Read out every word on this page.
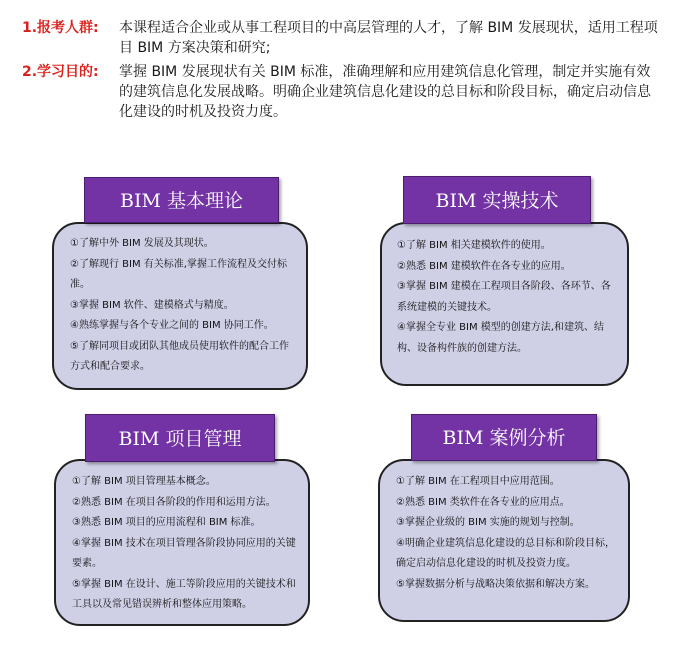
1.报考人群: 本课程适合企业或从事工程项目的中高层管理的人才，了解 BIM 发展现状，适用工程项目 BIM 方案决策和研究;
2.学习目的: 掌握 BIM 发展现状有关 BIM 标准，准确理解和应用建筑信息化管理，制定并实施有效的建筑信息化发展战略。明确企业建筑信息化建设的总目标和阶段目标，确定启动信息化建设的时机及投资力度。
BIM 基本理论
①了解中外 BIM 发展及其现状。
②了解现行 BIM 有关标准,掌握工作流程及交付标准。
③掌握 BIM 软件、建模格式与精度。
④熟练掌握与各个专业之间的 BIM 协同工作。
⑤了解同项目或团队其他成员使用软件的配合工作方式和配合要求。
BIM 实操技术
①了解 BIM 相关建模软件的使用。
②熟悉 BIM 建模软件在各专业的应用。
③掌握 BIM 建模在工程项目各阶段、各环节、各系统建模的关键技术。
④掌握全专业 BIM 模型的创建方法,和建筑、结构、设备构件族的创建方法。
BIM 项目管理
①了解 BIM 项目管理基本概念。
②熟悉 BIM 在项目各阶段的作用和运用方法。
③熟悉 BIM 项目的应用流程和 BIM 标准。
④掌握 BIM 技术在项目管理各阶段协同应用的关键要素。
⑤掌握 BIM 在设计、施工等阶段应用的关键技术和工具以及常见错误辨析和整体应用策略。
BIM 案例分析
①了解 BIM 在工程项目中应用范围。
②熟悉 BIM 类软件在各专业的应用点。
③掌握企业级的 BIM 实施的规划与控制。
④明确企业建筑信息化建设的总目标和阶段目标，确定启动信息化建设的时机及投资力度。
⑤掌握数据分析与战略决策依据和解决方案。
